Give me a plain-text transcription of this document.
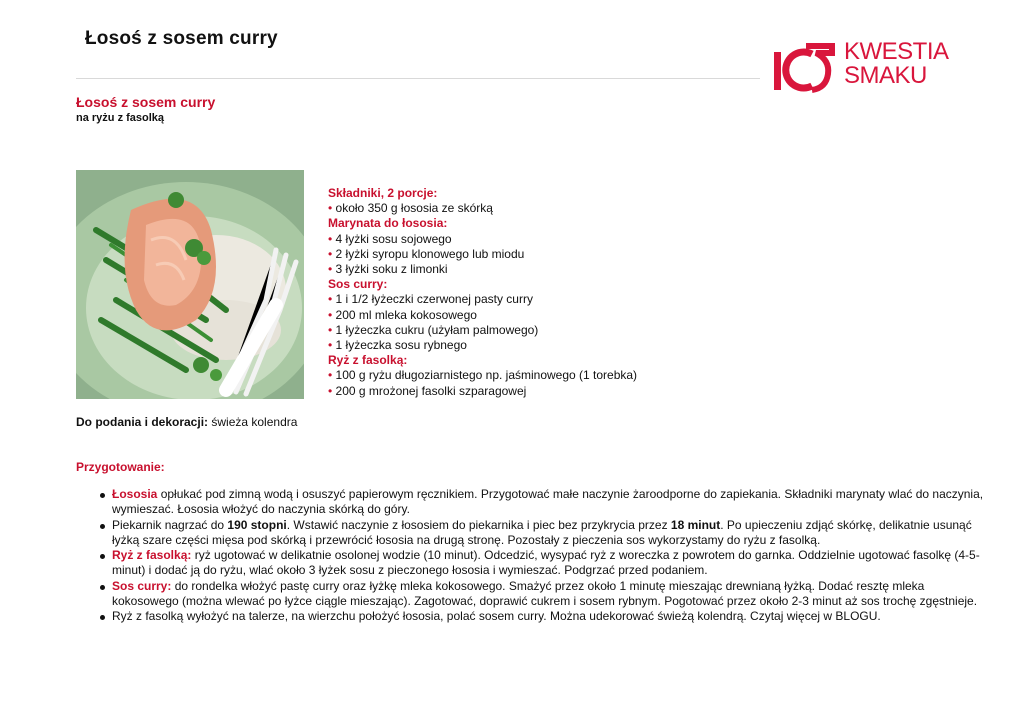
Łosoś z sosem curry	KWESTIA
SMAKU
Łosoś z sosem curry
na ryżu z fasolką
Składniki, 2 porcje:
• około 350 g łososia ze skórką
Marynata do łososia:
• 4 łyżki sosu sojowego
• 2 łyżki syropu klonowego lub miodu
• 3 łyżki soku z limonki
Sos curry:
• 1 i 1/2 łyżeczki czerwonej pasty curry
• 200 ml mleka kokosowego
• 1 łyżeczka cukru (użyłam palmowego)
• 1 łyżeczka sosu rybnego
Ryż z fasolką:
• 100 g ryżu długoziarnistego np. jaśminowego (1 torebka)
• 200 g mrożonej fasolki szparagowej
Do podania i dekoracji: świeża kolendra
Przygotowanie:
Łososia opłukać pod zimną wodą i osuszyć papierowym ręcznikiem. Przygotować małe naczynie żaroodporne do zapiekania. Składniki marynaty wlać do naczynia, wymieszać. Łososia włożyć do naczynia skórką do góry.
Piekarnik nagrzać do 190 stopni. Wstawić naczynie z łososiem do piekarnika i piec bez przykrycia przez 18 minut. Po upieczeniu zdjąć skórkę, delikatnie usunąć łyżką szare części mięsa pod skórką i przewrócić łososia na drugą stronę. Pozostały z pieczenia sos wykorzystamy do ryżu z fasolką.
Ryż z fasolką: ryż ugotować w delikatnie osolonej wodzie (10 minut). Odcedzić, wysypać ryż z woreczka z powrotem do garnka. Oddzielnie ugotować fasolkę (4-5- minut) i dodać ją do ryżu, wlać około 3 łyżek sosu z pieczonego łososia i wymieszać. Podgrzać przed podaniem.
Sos curry: do rondelka włożyć pastę curry oraz łyżkę mleka kokosowego. Smażyć przez około 1 minutę mieszając drewnianą łyżką. Dodać resztę mleka kokosowego (można wlewać po łyżce ciągle mieszając). Zagotować, doprawić cukrem i sosem rybnym. Pogotować przez około 2-3 minut aż sos trochę zgęstnieje.
Ryż z fasolką wyłożyć na talerze, na wierzchu położyć łososia, polać sosem curry. Można udekorować świeżą kolendrą. Czytaj więcej w BLOGU.
